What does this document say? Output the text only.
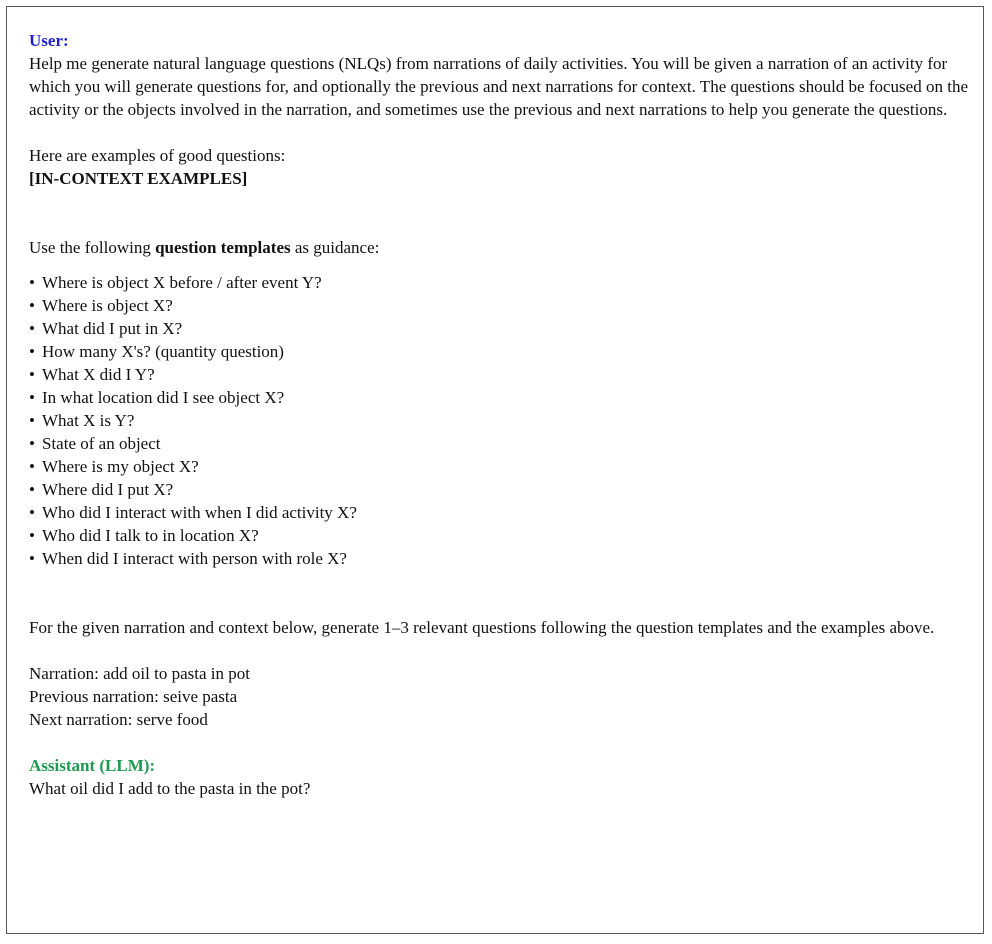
User:

Help me generate natural language questions (NLQs) from narrations of daily activities. You will be given a narration of an activity for which you will generate questions for, and optionally the previous and next narrations for context. The questions should be focused on the activity or the objects involved in the narration, and sometimes use the previous and next narrations to help you generate the questions.

Here are examples of good questions:

[IN-CONTEXT EXAMPLES]

Use the following question templates as guidance:

• Where is object X before / after event Y?
• Where is object X?
• What did I put in X?
• How many X's? (quantity question)
• What X did I Y?
• In what location did I see object X?
• What X is Y?
• State of an object
• Where is my object X?
• Where did I put X?
• Who did I interact with when I did activity X?
• Who did I talk to in location X?
• When did I interact with person with role X?

For the given narration and context below, generate 1–3 relevant questions following the question templates and the examples above.

Narration: add oil to pasta in pot

Previous narration: seive pasta

Next narration: serve food

Assistant (LLM):

What oil did I add to the pasta in the pot?
